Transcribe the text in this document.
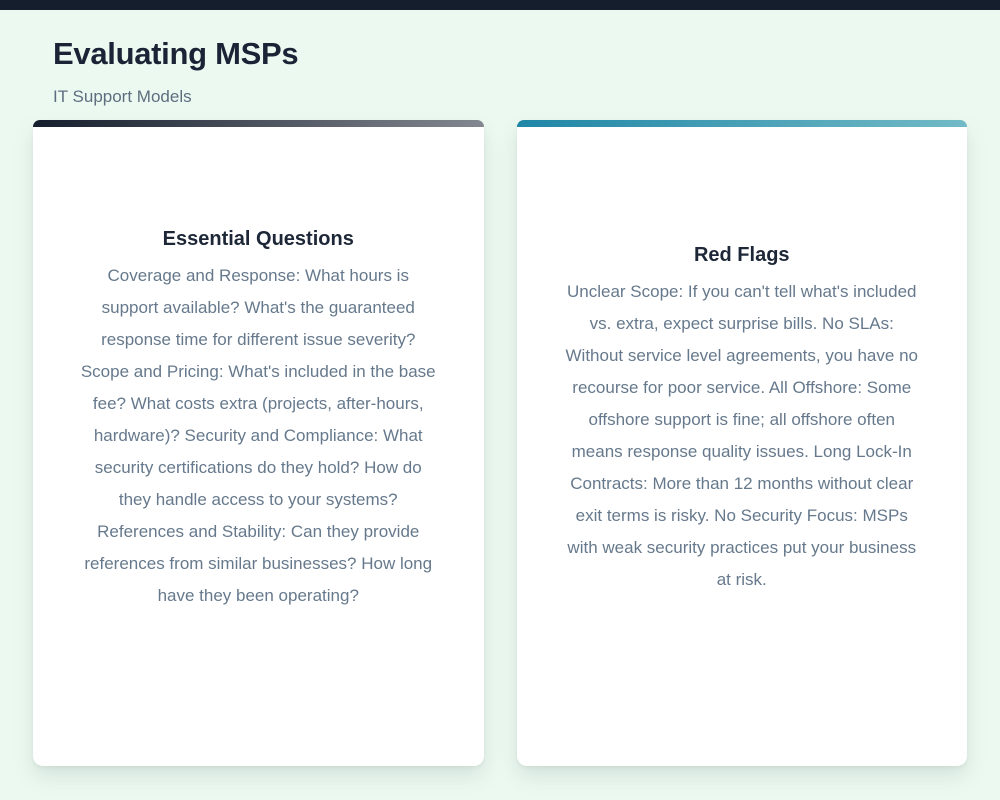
Evaluating MSPs

IT Support Models

Essential Questions

Coverage and Response: What hours is support available? What's the guaranteed response time for different issue severity? Scope and Pricing: What's included in the base fee? What costs extra (projects, after-hours, hardware)? Security and Compliance: What security certifications do they hold? How do they handle access to your systems? References and Stability: Can they provide references from similar businesses? How long have they been operating?

Red Flags

Unclear Scope: If you can't tell what's included vs. extra, expect surprise bills. No SLAs: Without service level agreements, you have no recourse for poor service. All Offshore: Some offshore support is fine; all offshore often means response quality issues. Long Lock-In Contracts: More than 12 months without clear exit terms is risky. No Security Focus: MSPs with weak security practices put your business at risk.
